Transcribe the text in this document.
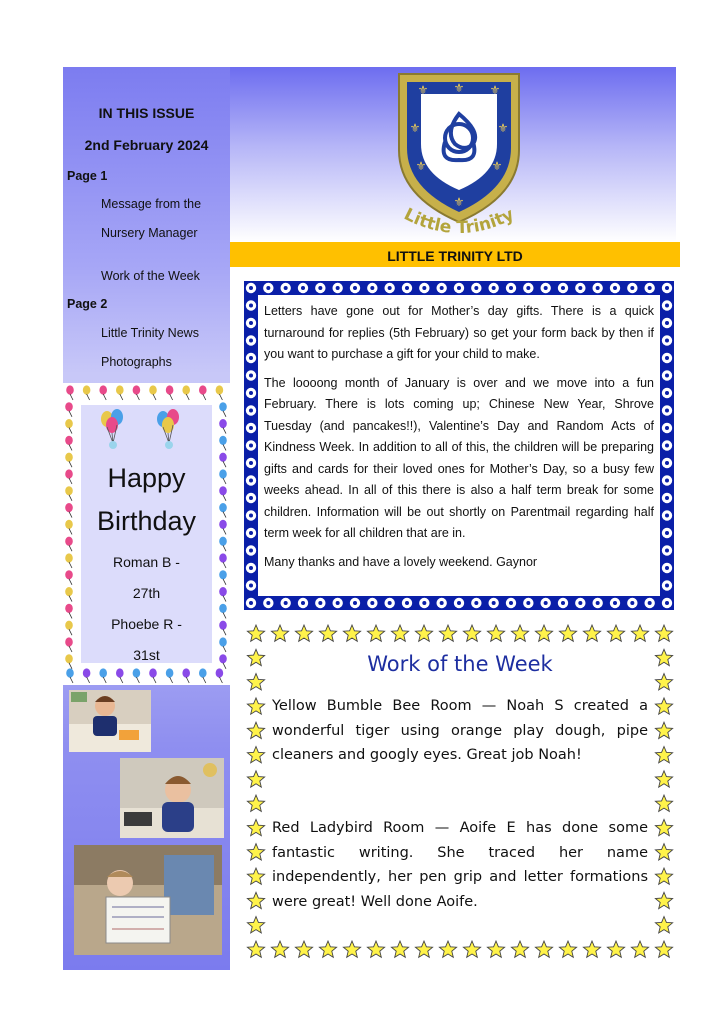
IN THIS ISSUE
2nd February 2024
Page 1
Message from the
Nursery Manager
Work of the Week
Page 2
Little Trinity News
Photographs
Happy
Birthday
Roman B -
27th
Phoebe R -
31st
⚜ ⚜ ⚜
⚜	⚜
⚜	⚜
⚜
Little Trinity
LITTLE TRINITY LTD

Letters have gone out for Mother’s day gifts. There is a quick turnaround for replies (5th February) so get your form back by then if you want to purchase a gift for your child to make.

The loooong month of January is over and we move into a fun February. There is lots coming up; Chinese New Year, Shrove Tuesday (and pancakes!!), Valentine’s Day and Random Acts of Kindness Week. In addition to all of this, the children will be preparing gifts and cards for their loved ones for Mother’s Day, so a busy few weeks ahead. In all of this there is also a half term break for some children. Information will be out shortly on Parentmail regarding half term week for all children that are in.

Many thanks and have a lovely weekend. Gaynor

Work of the Week
Yellow Bumble Bee Room — Noah S created a wonderful tiger using orange play dough, pipe cleaners and googly eyes. Great job Noah!
Red Ladybird Room — Aoife E has done some fantastic writing. She traced her name independently, her pen grip and letter formations were great! Well done Aoife.
